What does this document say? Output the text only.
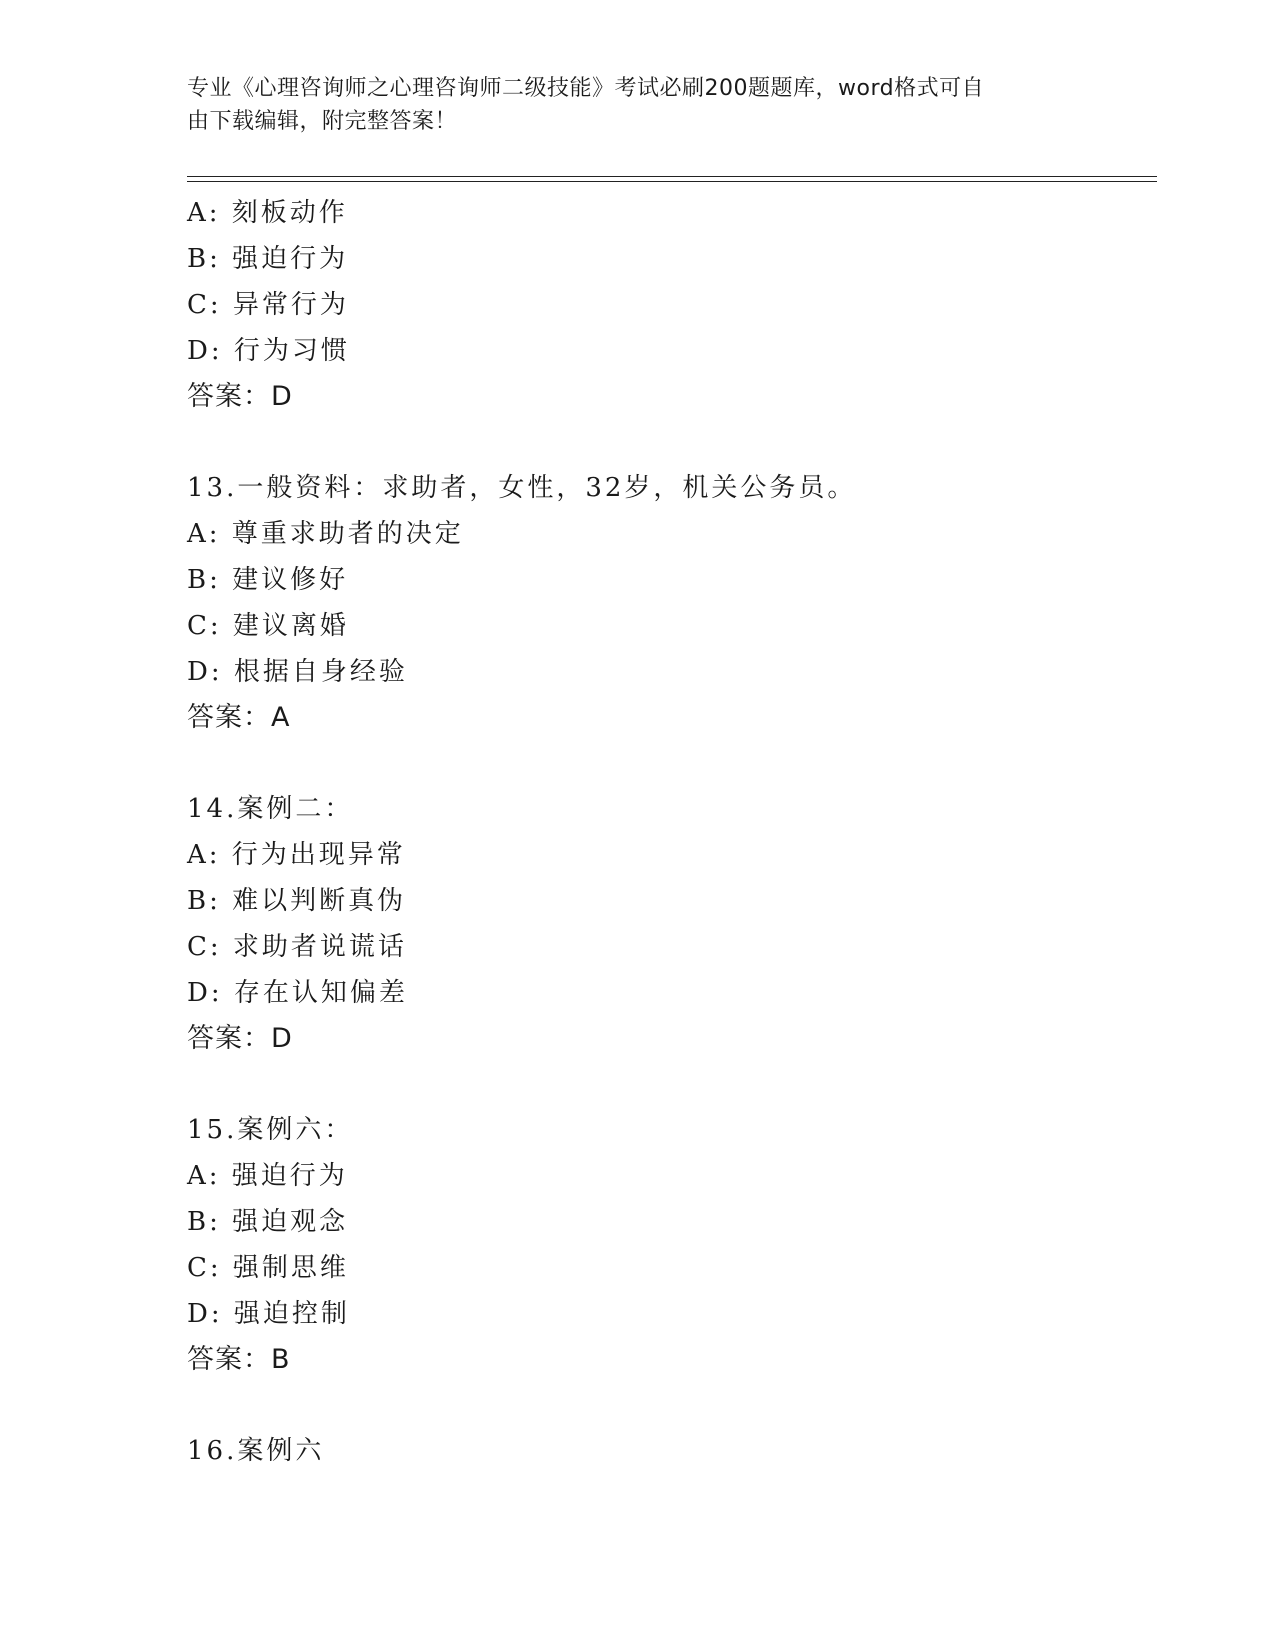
专业《心理咨询师之心理咨询师二级技能》考试必刷200题题库，word格式可自
由下载编辑，附完整答案！
A: 刻板动作
B: 强迫行为
C: 异常行为
D: 行为习惯
答案：D
13.一般资料：求助者，女性，32岁，机关公务员。
A: 尊重求助者的决定
B: 建议修好
C: 建议离婚
D: 根据自身经验
答案：A
14.案例二：
A: 行为出现异常
B: 难以判断真伪
C: 求助者说谎话
D: 存在认知偏差
答案：D
15.案例六：
A: 强迫行为
B: 强迫观念
C: 强制思维
D: 强迫控制
答案：B
16.案例六
